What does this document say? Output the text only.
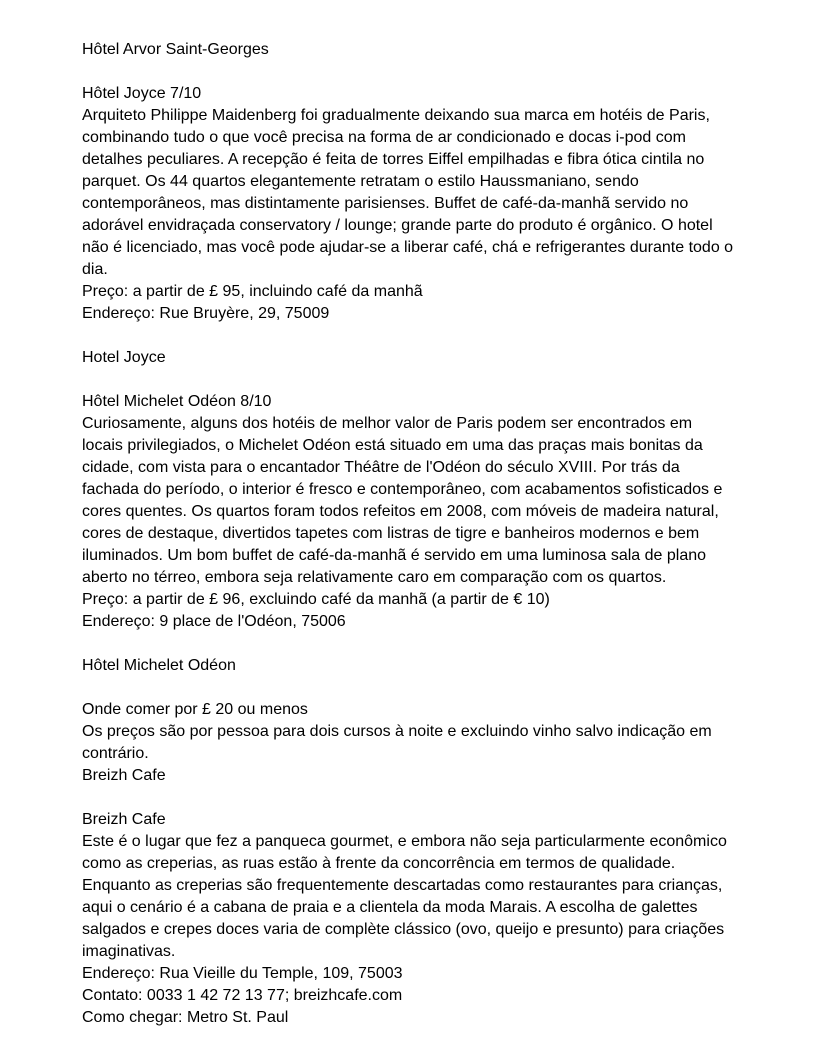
Hôtel Arvor Saint-Georges
Hôtel Joyce 7/10
Arquiteto Philippe Maidenberg foi gradualmente deixando sua marca em hotéis de Paris,
combinando tudo o que você precisa na forma de ar condicionado e docas i-pod com
detalhes peculiares. A recepção é feita de torres Eiffel empilhadas e fibra ótica cintila no
parquet. Os 44 quartos elegantemente retratam o estilo Haussmaniano, sendo
contemporâneos, mas distintamente parisienses. Buffet de café-da-manhã servido no
adorável envidraçada conservatory / lounge; grande parte do produto é orgânico. O hotel
não é licenciado, mas você pode ajudar-se a liberar café, chá e refrigerantes durante todo o
dia.
Preço: a partir de £ 95, incluindo café da manhã
Endereço: Rue Bruyère, 29, 75009
Hotel Joyce
Hôtel Michelet Odéon 8/10
Curiosamente, alguns dos hotéis de melhor valor de Paris podem ser encontrados em
locais privilegiados, o Michelet Odéon está situado em uma das praças mais bonitas da
cidade, com vista para o encantador Théâtre de l'Odéon do século XVIII. Por trás da
fachada do período, o interior é fresco e contemporâneo, com acabamentos sofisticados e
cores quentes. Os quartos foram todos refeitos em 2008, com móveis de madeira natural,
cores de destaque, divertidos tapetes com listras de tigre e banheiros modernos e bem
iluminados. Um bom buffet de café-da-manhã é servido em uma luminosa sala de plano
aberto no térreo, embora seja relativamente caro em comparação com os quartos.
Preço: a partir de £ 96, excluindo café da manhã (a partir de € 10)
Endereço: 9 place de l'Odéon, 75006
Hôtel Michelet Odéon
Onde comer por £ 20 ou menos
Os preços são por pessoa para dois cursos à noite e excluindo vinho salvo indicação em
contrário.
Breizh Cafe
Breizh Cafe
Este é o lugar que fez a panqueca gourmet, e embora não seja particularmente econômico
como as creperias, as ruas estão à frente da concorrência em termos de qualidade.
Enquanto as creperias são frequentemente descartadas como restaurantes para crianças,
aqui o cenário é a cabana de praia e a clientela da moda Marais. A escolha de galettes
salgados e crepes doces varia de complète clássico (ovo, queijo e presunto) para criações
imaginativas.
Endereço: Rua Vieille du Temple, 109, 75003
Contato: 0033 1 42 72 13 77; breizhcafe.com
Como chegar: Metro St. Paul
